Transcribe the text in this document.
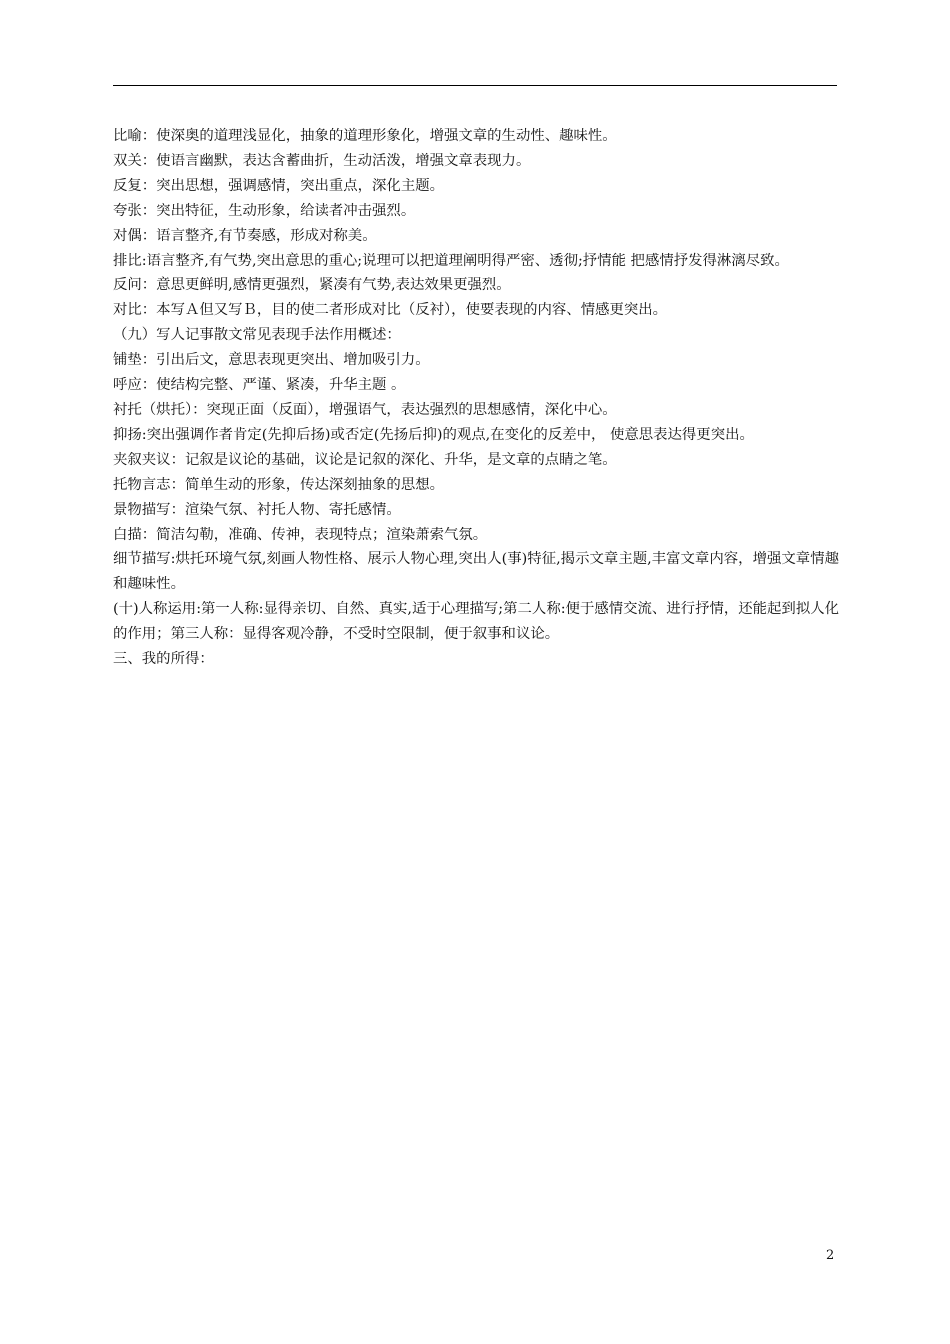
比喻：使深奥的道理浅显化，抽象的道理形象化，增强文章的生动性、趣味性。

双关：使语言幽默，表达含蓄曲折，生动活泼，增强文章表现力。

反复：突出思想，强调感情，突出重点，深化主题。

夸张：突出特征，生动形象，给读者冲击强烈。

对偶：语言整齐,有节奏感，形成对称美。

排比:语言整齐,有气势,突出意思的重心;说理可以把道理阐明得严密、透彻;抒情能 把感情抒发得淋漓尽致。

反问：意思更鲜明,感情更强烈，紧凑有气势,表达效果更强烈。

对比：本写Ａ但又写Ｂ，目的使二者形成对比（反衬），使要表现的内容、情感更突出。

（九）写人记事散文常见表现手法作用概述：

铺垫：引出后文，意思表现更突出、增加吸引力。

呼应：使结构完整、严谨、紧凑，升华主题 。

衬托（烘托）：突现正面（反面），增强语气，表达强烈的思想感情，深化中心。

抑扬:突出强调作者肯定(先抑后扬)或否定(先扬后抑)的观点,在变化的反差中， 使意思表达得更突出。

夹叙夹议：记叙是议论的基础，议论是记叙的深化、升华，是文章的点睛之笔。

托物言志：简单生动的形象，传达深刻抽象的思想。

景物描写：渲染气氛、衬托人物、寄托感情。

白描：简洁勾勒，准确、传神，表现特点；渲染萧索气氛。

细节描写:烘托环境气氛,刻画人物性格、展示人物心理,突出人(事)特征,揭示文章主题,丰富文章内容，增强文章情趣和趣味性。

(十)人称运用:第一人称:显得亲切、自然、真实,适于心理描写;第二人称:便于感情交流、进行抒情，还能起到拟人化的作用；第三人称：显得客观冷静，不受时空限制，便于叙事和议论。

三、我的所得：

2
